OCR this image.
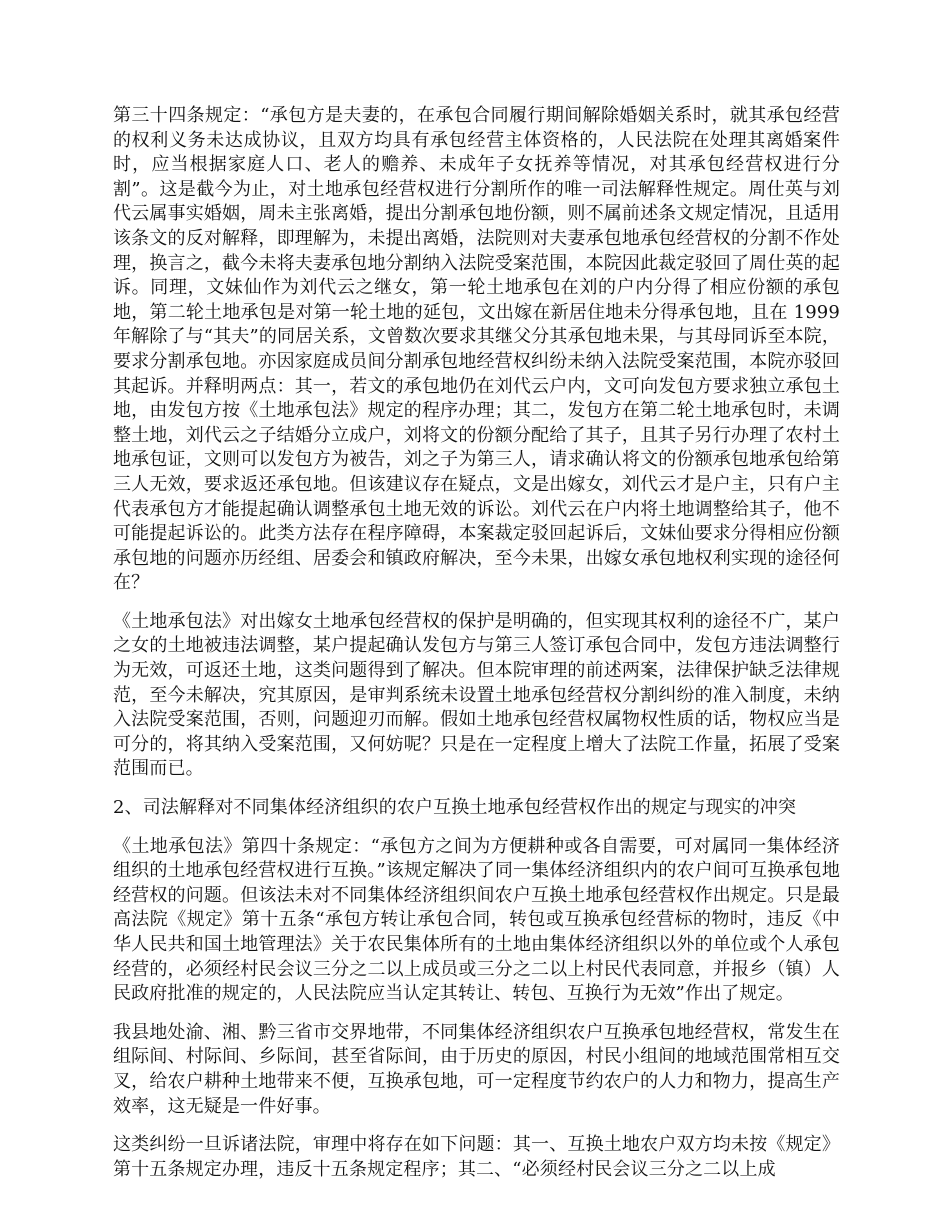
第三十四条规定：“承包方是夫妻的，在承包合同履行期间解除婚姻关系时，就其承包经营的权利义务未达成协议，且双方均具有承包经营主体资格的，人民法院在处理其离婚案件时，应当根据家庭人口、老人的赡养、未成年子女抚养等情况，对其承包经营权进行分割”。这是截今为止，对土地承包经营权进行分割所作的唯一司法解释性规定。周仕英与刘代云属事实婚姻，周未主张离婚，提出分割承包地份额，则不属前述条文规定情况，且适用该条文的反对解释，即理解为，未提出离婚，法院则对夫妻承包地承包经营权的分割不作处理，换言之，截今未将夫妻承包地分割纳入法院受案范围，本院因此裁定驳回了周仕英的起诉。同理，文妹仙作为刘代云之继女，第一轮土地承包在刘的户内分得了相应份额的承包地，第二轮土地承包是对第一轮土地的延包，文出嫁在新居住地未分得承包地，且在 1999 年解除了与“其夫”的同居关系，文曾数次要求其继父分其承包地未果，与其母同诉至本院，要求分割承包地。亦因家庭成员间分割承包地经营权纠纷未纳入法院受案范围，本院亦驳回其起诉。并释明两点：其一，若文的承包地仍在刘代云户内，文可向发包方要求独立承包土地，由发包方按《土地承包法》规定的程序办理；其二，发包方在第二轮土地承包时，未调整土地，刘代云之子结婚分立成户，刘将文的份额分配给了其子，且其子另行办理了农村土地承包证，文则可以发包方为被告，刘之子为第三人，请求确认将文的份额承包地承包给第三人无效，要求返还承包地。但该建议存在疑点，文是出嫁女，刘代云才是户主，只有户主代表承包方才能提起确认调整承包土地无效的诉讼。刘代云在户内将土地调整给其子，他不可能提起诉讼的。此类方法存在程序障碍，本案裁定驳回起诉后，文妹仙要求分得相应份额承包地的问题亦历经组、居委会和镇政府解决，至今未果，出嫁女承包地权利实现的途径何在？

《土地承包法》对出嫁女土地承包经营权的保护是明确的，但实现其权利的途径不广，某户之女的土地被违法调整，某户提起确认发包方与第三人签订承包合同中，发包方违法调整行为无效，可返还土地，这类问题得到了解决。但本院审理的前述两案，法律保护缺乏法律规范，至今未解决，究其原因，是审判系统未设置土地承包经营权分割纠纷的准入制度，未纳入法院受案范围，否则，问题迎刃而解。假如土地承包经营权属物权性质的话，物权应当是可分的，将其纳入受案范围，又何妨呢？只是在一定程度上增大了法院工作量，拓展了受案范围而已。

2、司法解释对不同集体经济组织的农户互换土地承包经营权作出的规定与现实的冲突

《土地承包法》第四十条规定：“承包方之间为方便耕种或各自需要，可对属同一集体经济组织的土地承包经营权进行互换。”该规定解决了同一集体经济组织内的农户间可互换承包地经营权的问题。但该法未对不同集体经济组织间农户互换土地承包经营权作出规定。只是最高法院《规定》第十五条“承包方转让承包合同，转包或互换承包经营标的物时，违反《中华人民共和国土地管理法》关于农民集体所有的土地由集体经济组织以外的单位或个人承包经营的，必须经村民会议三分之二以上成员或三分之二以上村民代表同意，并报乡（镇）人民政府批准的规定的，人民法院应当认定其转让、转包、互换行为无效”作出了规定。

我县地处渝、湘、黔三省市交界地带，不同集体经济组织农户互换承包地经营权，常发生在组际间、村际间、乡际间，甚至省际间，由于历史的原因，村民小组间的地域范围常相互交叉，给农户耕种土地带来不便，互换承包地，可一定程度节约农户的人力和物力，提高生产效率，这无疑是一件好事。

这类纠纷一旦诉诸法院，审理中将存在如下问题：其一、互换土地农户双方均未按《规定》第十五条规定办理，违反十五条规定程序；其二、“必须经村民会议三分之二以上成
